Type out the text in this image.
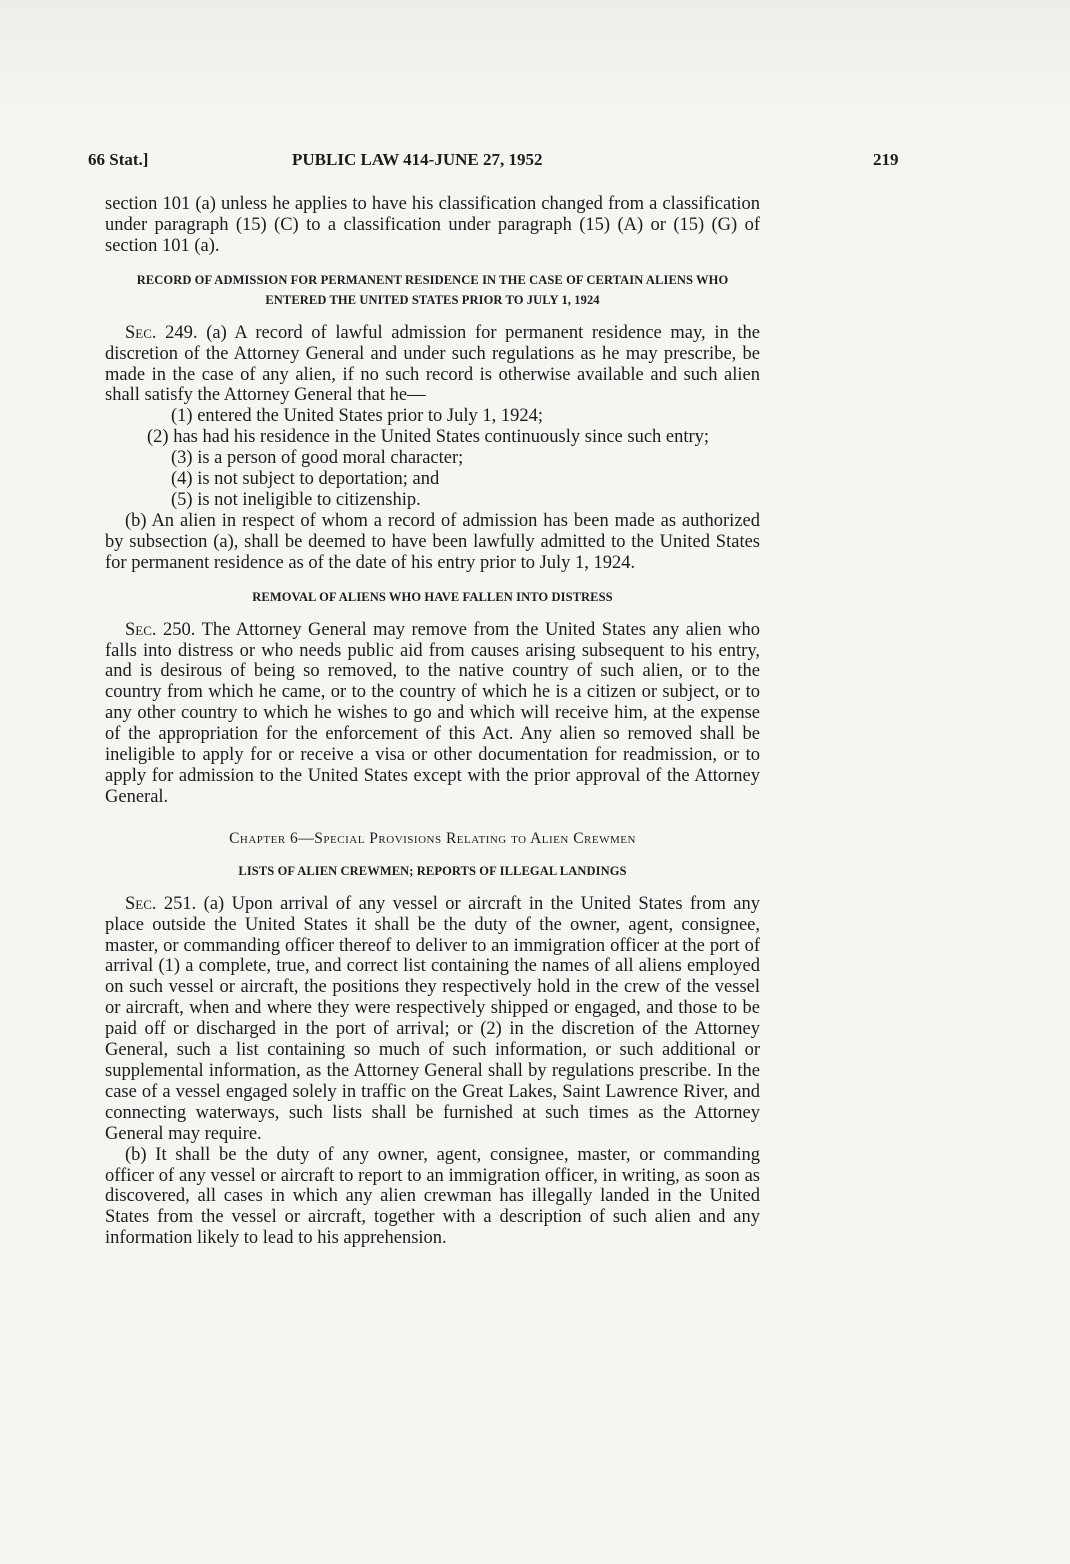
66 Stat.]	PUBLIC LAW 414-JUNE 27, 1952	219

section 101 (a) unless he applies to have his classification changed from a classification under paragraph (15) (C) to a classification under paragraph (15) (A) or (15) (G) of section 101 (a).

RECORD OF ADMISSION FOR PERMANENT RESIDENCE IN THE CASE OF CERTAIN ALIENS WHO ENTERED THE UNITED STATES PRIOR TO JULY 1, 1924

Sec. 249. (a) A record of lawful admission for permanent residence may, in the discretion of the Attorney General and under such regulations as he may prescribe, be made in the case of any alien, if no such record is otherwise available and such alien shall satisfy the Attorney General that he—

(1) entered the United States prior to July 1, 1924;

(2) has had his residence in the United States continuously since such entry;

(3) is a person of good moral character;

(4) is not subject to deportation; and

(5) is not ineligible to citizenship.

(b) An alien in respect of whom a record of admission has been made as authorized by subsection (a), shall be deemed to have been lawfully admitted to the United States for permanent residence as of the date of his entry prior to July 1, 1924.

REMOVAL OF ALIENS WHO HAVE FALLEN INTO DISTRESS

Sec. 250. The Attorney General may remove from the United States any alien who falls into distress or who needs public aid from causes arising subsequent to his entry, and is desirous of being so removed, to the native country of such alien, or to the country from which he came, or to the country of which he is a citizen or subject, or to any other country to which he wishes to go and which will receive him, at the expense of the appropriation for the enforcement of this Act. Any alien so removed shall be ineligible to apply for or receive a visa or other documentation for readmission, or to apply for admission to the United States except with the prior approval of the Attorney General.

Chapter 6—Special Provisions Relating to Alien Crewmen

LISTS OF ALIEN CREWMEN; REPORTS OF ILLEGAL LANDINGS

Sec. 251. (a) Upon arrival of any vessel or aircraft in the United States from any place outside the United States it shall be the duty of the owner, agent, consignee, master, or commanding officer thereof to deliver to an immigration officer at the port of arrival (1) a complete, true, and correct list containing the names of all aliens employed on such vessel or aircraft, the positions they respectively hold in the crew of the vessel or aircraft, when and where they were respectively shipped or engaged, and those to be paid off or discharged in the port of arrival; or (2) in the discretion of the Attorney General, such a list containing so much of such information, or such additional or supplemental information, as the Attorney General shall by regulations prescribe. In the case of a vessel engaged solely in traffic on the Great Lakes, Saint Lawrence River, and connecting waterways, such lists shall be furnished at such times as the Attorney General may require.

(b) It shall be the duty of any owner, agent, consignee, master, or commanding officer of any vessel or aircraft to report to an immigration officer, in writing, as soon as discovered, all cases in which any alien crewman has illegally landed in the United States from the vessel or aircraft, together with a description of such alien and any information likely to lead to his apprehension.
